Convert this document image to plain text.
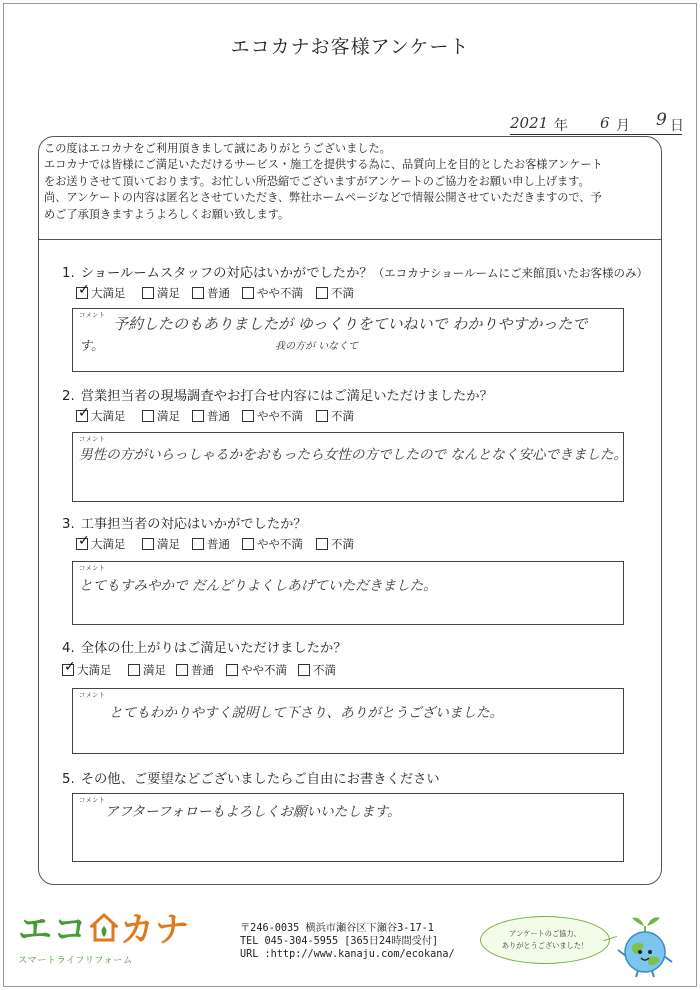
エコカナお客様アンケート
2021 年 6 月 9 日

この度はエコカナをご利用頂きまして誠にありがとうございました。

エコカナでは皆様にご満足いただけるサービス・施工を提供する為に、品質向上を目的としたお客様アンケート

をお送りさせて頂いております。お忙しい所恐縮でございますがアンケートのご協力をお願い申し上げます。

尚、アンケートの内容は匿名とさせていただき、弊社ホームページなどで情報公開させていただきますので、予

めご了承頂きますようよろしくお願い致します。

1. ショールームスタッフの対応はいかがでしたか？（エコカナショールームにご来館頂いたお客様のみ）
✓ 大満足	満足 普通 やや不満 不満
コメント 予約したのもありましたが ゆっくりをていねいで わかりやすかったで
す。	我の方が いなくて
2. 営業担当者の現場調査やお打合せ内容にはご満足いただけましたか？
✓ 大満足	満足 普通 やや不満 不満
コメント
男性の方がいらっしゃるかをおもったら女性の方でしたので なんとなく安心できました。
3. 工事担当者の対応はいかがでしたか？
✓ 大満足	満足 普通 やや不満 不満
コメント
とてもすみやかで だんどりよくしあげていただきました。
4. 全体の仕上がりはご満足いただけましたか？
✓ 大満足	満足 普通 やや不満 不満
コメント
とてもわかりやすく説明して下さり、ありがとうございました。
5. その他、ご要望などございましたらご自由にお書きください
コメント
アフターフォローもよろしくお願いいたします。
エコ カナ
スマートライフリフォーム
〒246-0035 横浜市瀬谷区下瀬谷3-17-1
TEL 045-304-5955 [365日24時間受付]
URL :http://www.kanaju.com/ecokana/
アンケートのご協力、
ありがとうございました！
